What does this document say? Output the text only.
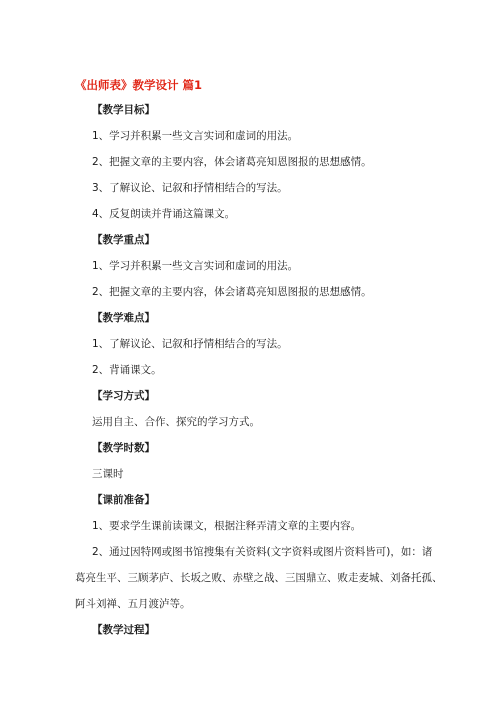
《出师表》教学设计 篇1

【教学目标】

1、学习并积累一些文言实词和虚词的用法。

2、把握文章的主要内容，体会诸葛亮知恩图报的思想感情。

3、了解议论、记叙和抒情相结合的写法。

4、反复朗读并背诵这篇课文。

【教学重点】

1、学习并积累一些文言实词和虚词的用法。

2、把握文章的主要内容，体会诸葛亮知恩图报的思想感情。

【教学难点】

1、了解议论、记叙和抒情相结合的写法。

2、背诵课文。

【学习方式】

运用自主、合作、探究的学习方式。

【教学时数】

三课时

【课前准备】

1、要求学生课前读课文，根据注释弄清文章的主要内容。

2、通过因特网或图书馆搜集有关资料(文字资料或图片资料皆可)，如：诸

葛亮生平、三顾茅庐、长坂之败、赤壁之战、三国鼎立、败走麦城、刘备托孤、

阿斗刘禅、五月渡泸等。

【教学过程】
